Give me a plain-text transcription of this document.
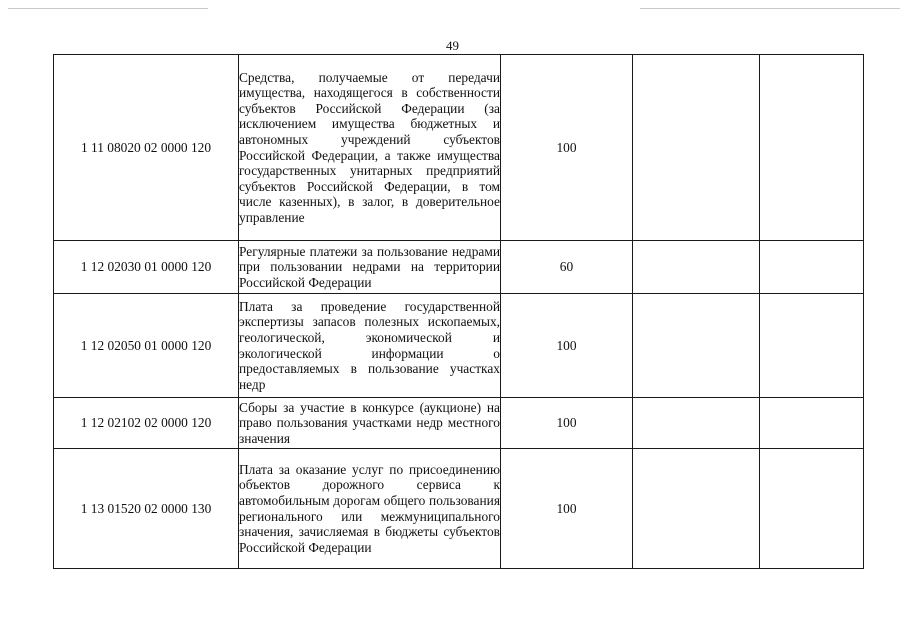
49
1 11 08020 02 0000 120	Средства, получаемые от передачи имущества, находящегося в собственности субъектов Российской Федерации (за исключением имущества бюджетных и автономных учреждений субъектов Российской Федерации, а также имущества государственных унитарных предприятий субъектов Российской Федерации, в том числе казенных), в залог, в доверительное управление	100		
1 12 02030 01 0000 120	Регулярные платежи за пользование недрами при пользовании недрами на территории Российской Федерации	60		
1 12 02050 01 0000 120	Плата за проведение государственной экспертизы запасов полезных ископаемых, геологической, экономической и экологической информации о предоставляемых в пользование участках недр	100		
1 12 02102 02 0000 120	Сборы за участие в конкурсе (аукционе) на право пользования участками недр местного значения	100		
1 13 01520 02 0000 130	Плата за оказание услуг по присоединению объектов дорожного сервиса к автомобильным дорогам общего пользования регионального или межмуниципального значения, зачисляемая в бюджеты субъектов Российской Федерации	100		
